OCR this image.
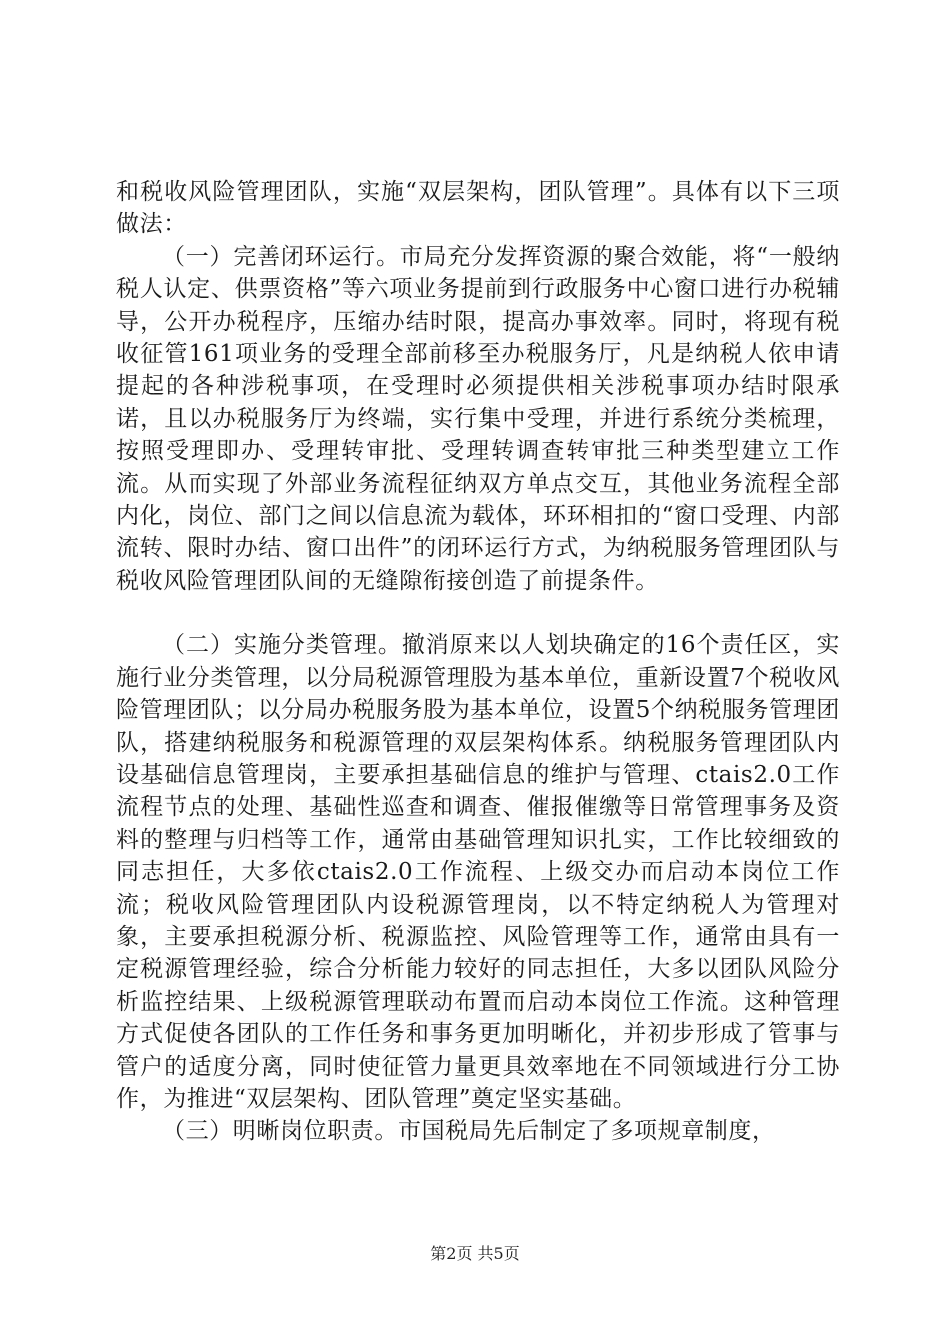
和税收风险管理团队，实施“双层架构，团队管理”。具体有以下三项做法：

（一）完善闭环运行。市局充分发挥资源的聚合效能，将“一般纳税人认定、供票资格”等六项业务提前到行政服务中心窗口进行办税辅导，公开办税程序，压缩办结时限，提高办事效率。同时，将现有税收征管161项业务的受理全部前移至办税服务厅，凡是纳税人依申请提起的各种涉税事项，在受理时必须提供相关涉税事项办结时限承诺，且以办税服务厅为终端，实行集中受理，并进行系统分类梳理，按照受理即办、受理转审批、受理转调查转审批三种类型建立工作流。从而实现了外部业务流程征纳双方单点交互，其他业务流程全部内化，岗位、部门之间以信息流为载体，环环相扣的“窗口受理、内部流转、限时办结、窗口出件”的闭环运行方式，为纳税服务管理团队与税收风险管理团队间的无缝隙衔接创造了前提条件。

（二）实施分类管理。撤消原来以人划块确定的16个责任区，实施行业分类管理，以分局税源管理股为基本单位，重新设置7个税收风险管理团队；以分局办税服务股为基本单位，设置5个纳税服务管理团队，搭建纳税服务和税源管理的双层架构体系。纳税服务管理团队内设基础信息管理岗，主要承担基础信息的维护与管理、ctais2.0工作流程节点的处理、基础性巡查和调查、催报催缴等日常管理事务及资料的整理与归档等工作，通常由基础管理知识扎实，工作比较细致的同志担任，大多依ctais2.0工作流程、上级交办而启动本岗位工作流；税收风险管理团队内设税源管理岗，以不特定纳税人为管理对象，主要承担税源分析、税源监控、风险管理等工作，通常由具有一定税源管理经验，综合分析能力较好的同志担任，大多以团队风险分析监控结果、上级税源管理联动布置而启动本岗位工作流。这种管理方式促使各团队的工作任务和事务更加明晰化，并初步形成了管事与管户的适度分离，同时使征管力量更具效率地在不同领域进行分工协作，为推进“双层架构、团队管理”奠定坚实基础。

（三）明晰岗位职责。市国税局先后制定了多项规章制度，

第2页 共5页
